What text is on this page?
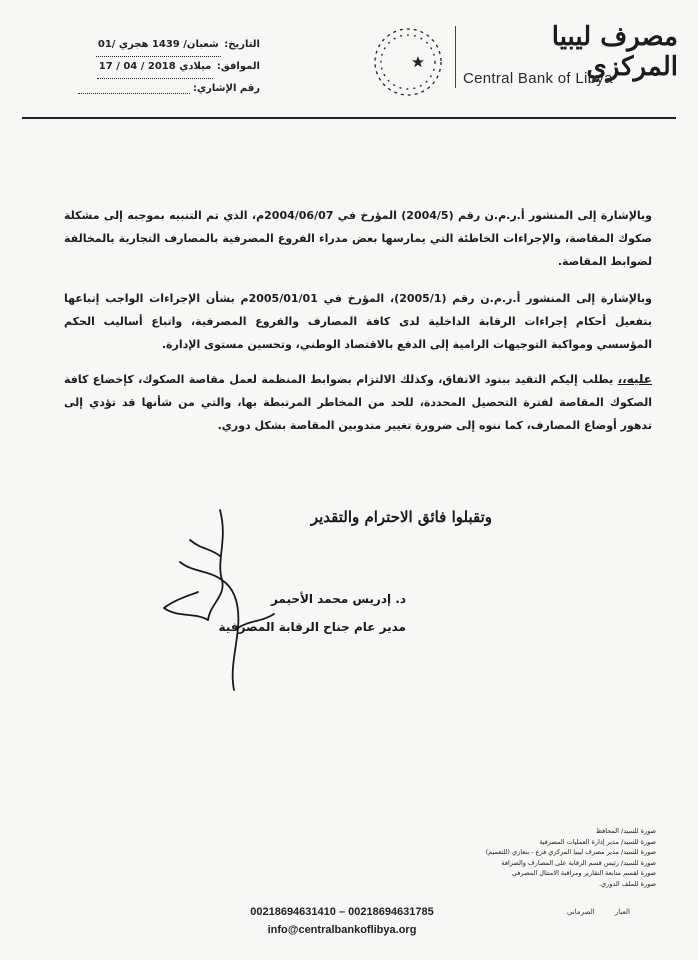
مصرف ليبيا المركزي
Central Bank of Libya
التاريخ: 01/ شعبان/ 1439 هجري
الموافق: 17 / 04 / 2018 ميلادي
رقم الإشاري:

وبالإشارة إلى المنشور أ.ر.م.ن رقم (2004/5) المؤرخ في 2004/06/07م، الذي تم التنبيه بموجبه إلى مشكلة صكوك المقاصة، والإجراءات الخاطئة التي يمارسها بعض مدراء الفروع المصرفية بالمصارف التجارية بالمخالفة لضوابط المقاصة.

وبالإشارة إلى المنشور أ.ر.م.ن رقم (2005/1)، المؤرخ في 2005/01/01م بشأن الإجراءات الواجب إتباعها بتفعيل أحكام إجراءات الرقابة الداخلية لدى كافة المصارف والفروع المصرفية، واتباع أساليب الحكم المؤسسي ومواكبة التوجيهات الرامية إلى الدفع بالاقتصاد الوطني، وتحسين مستوى الإدارة.

عليه،، يطلب إليكم التقيد ببنود الاتفاق، وكذلك الالتزام بضوابط المنظمة لعمل مقاصة الصكوك، كإخضاع كافة الصكوك المقاصة لفترة التحصيل المحددة، للحد من المخاطر المرتبطة بها، والتي من شأنها قد تؤدي إلى تدهور أوضاع المصارف، كما ننوه إلى ضرورة تغيير مندوبين المقاصة بشكل دوري.

وتقبلوا فائق الاحترام والتقدير
د. إدريس محمد الأحيمر
مدير عام جناح الرقابة المصرفية
صورة للسيد/ المحافظ
صورة للسيد/ مدير إدارة العمليات المصرفية
صورة للسيد/ مدير مصرف ليبيا المركزي فرع - بنغازي (للتعميم)
صورة للسيد/ رئيس قسم الرقابة على المصارف والصرافة
صورة لقسم متابعة التقارير ومراقبة الامتثال المصرفي
صورة للملف الدوري.
العبار الصرماني
00218694631410 – 00218694631785
info@centralbankoflibya.org
